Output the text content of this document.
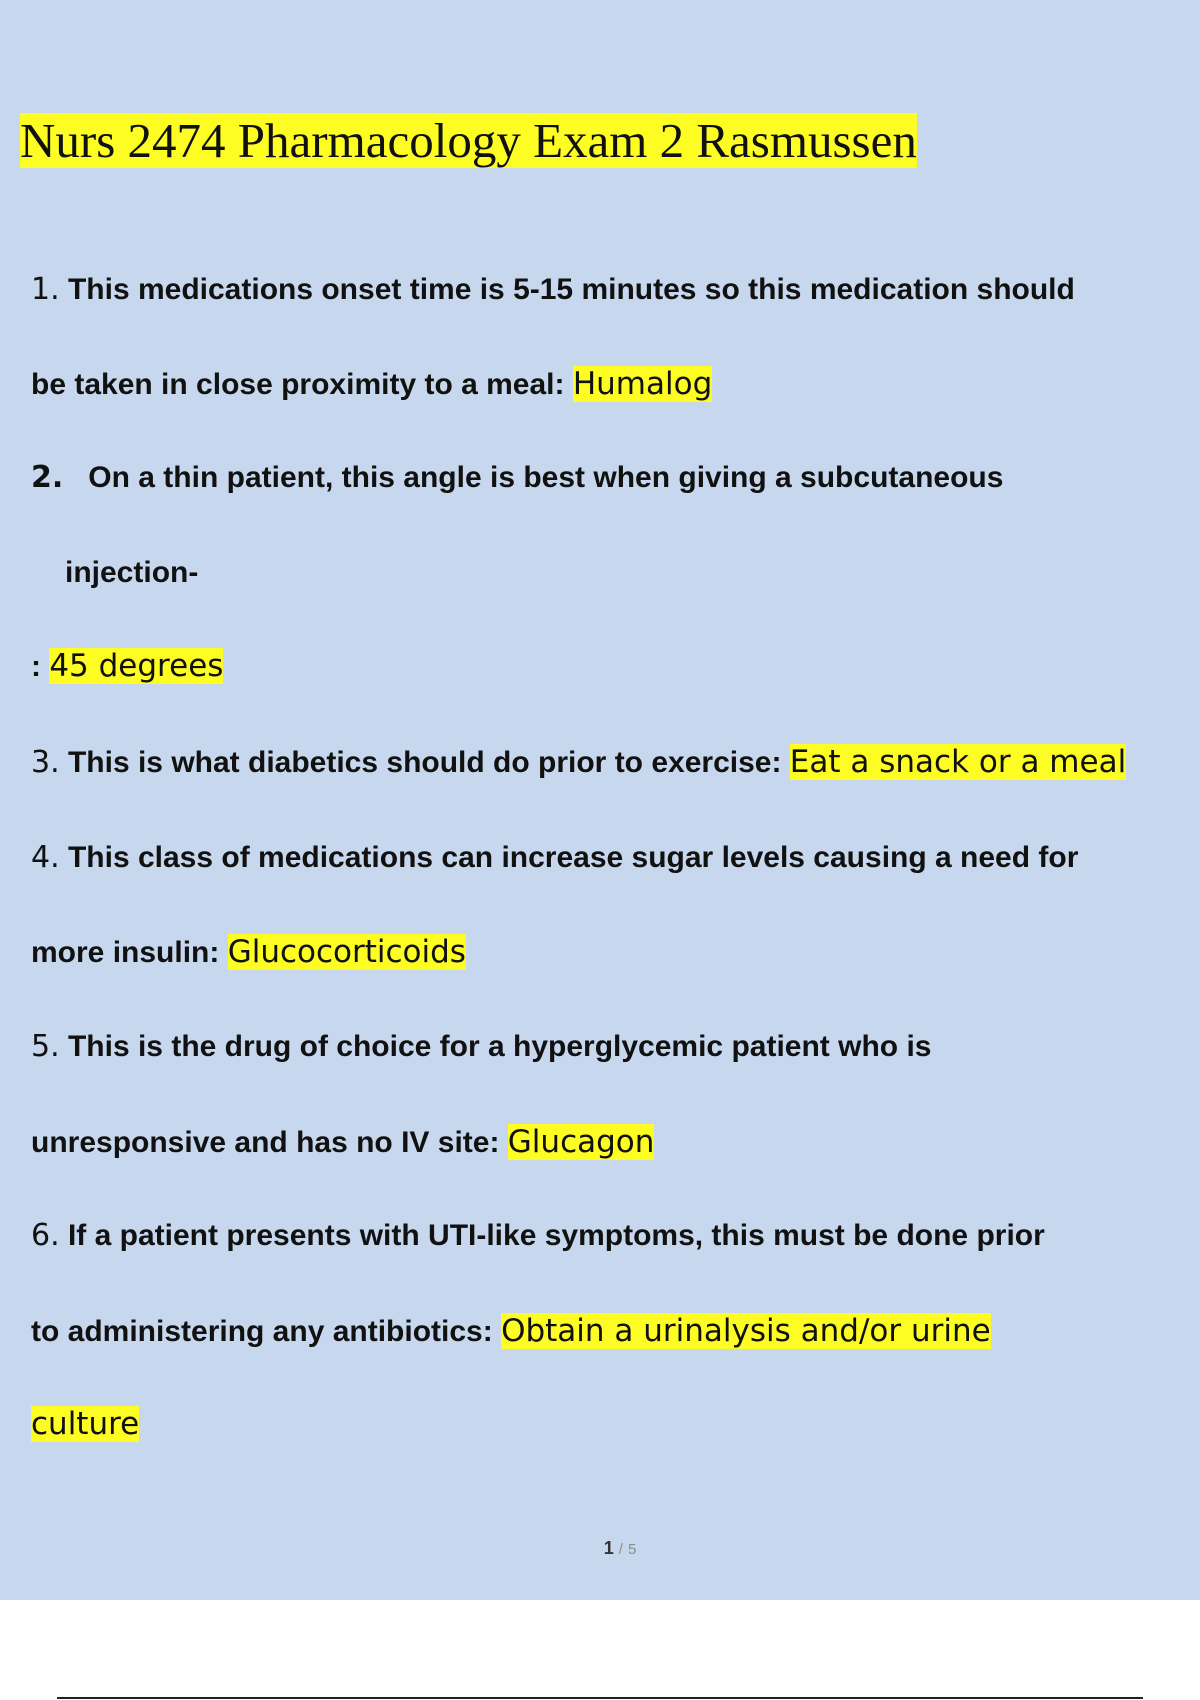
Nurs 2474 Pharmacology Exam 2 Rasmussen
1. This medications onset time is 5-15 minutes so this medication should
be taken in close proximity to a meal: Humalog
2. On a thin patient, this angle is best when giving a subcutaneous
injection-
: 45 degrees
3. This is what diabetics should do prior to exercise: Eat a snack or a meal
4. This class of medications can increase sugar levels causing a need for
more insulin: Glucocorticoids
5. This is the drug of choice for a hyperglycemic patient who is
unresponsive and has no IV site: Glucagon
6. If a patient presents with UTI-like symptoms, this must be done prior
to administering any antibiotics: Obtain a urinalysis and/or urine
culture
1 / 5
